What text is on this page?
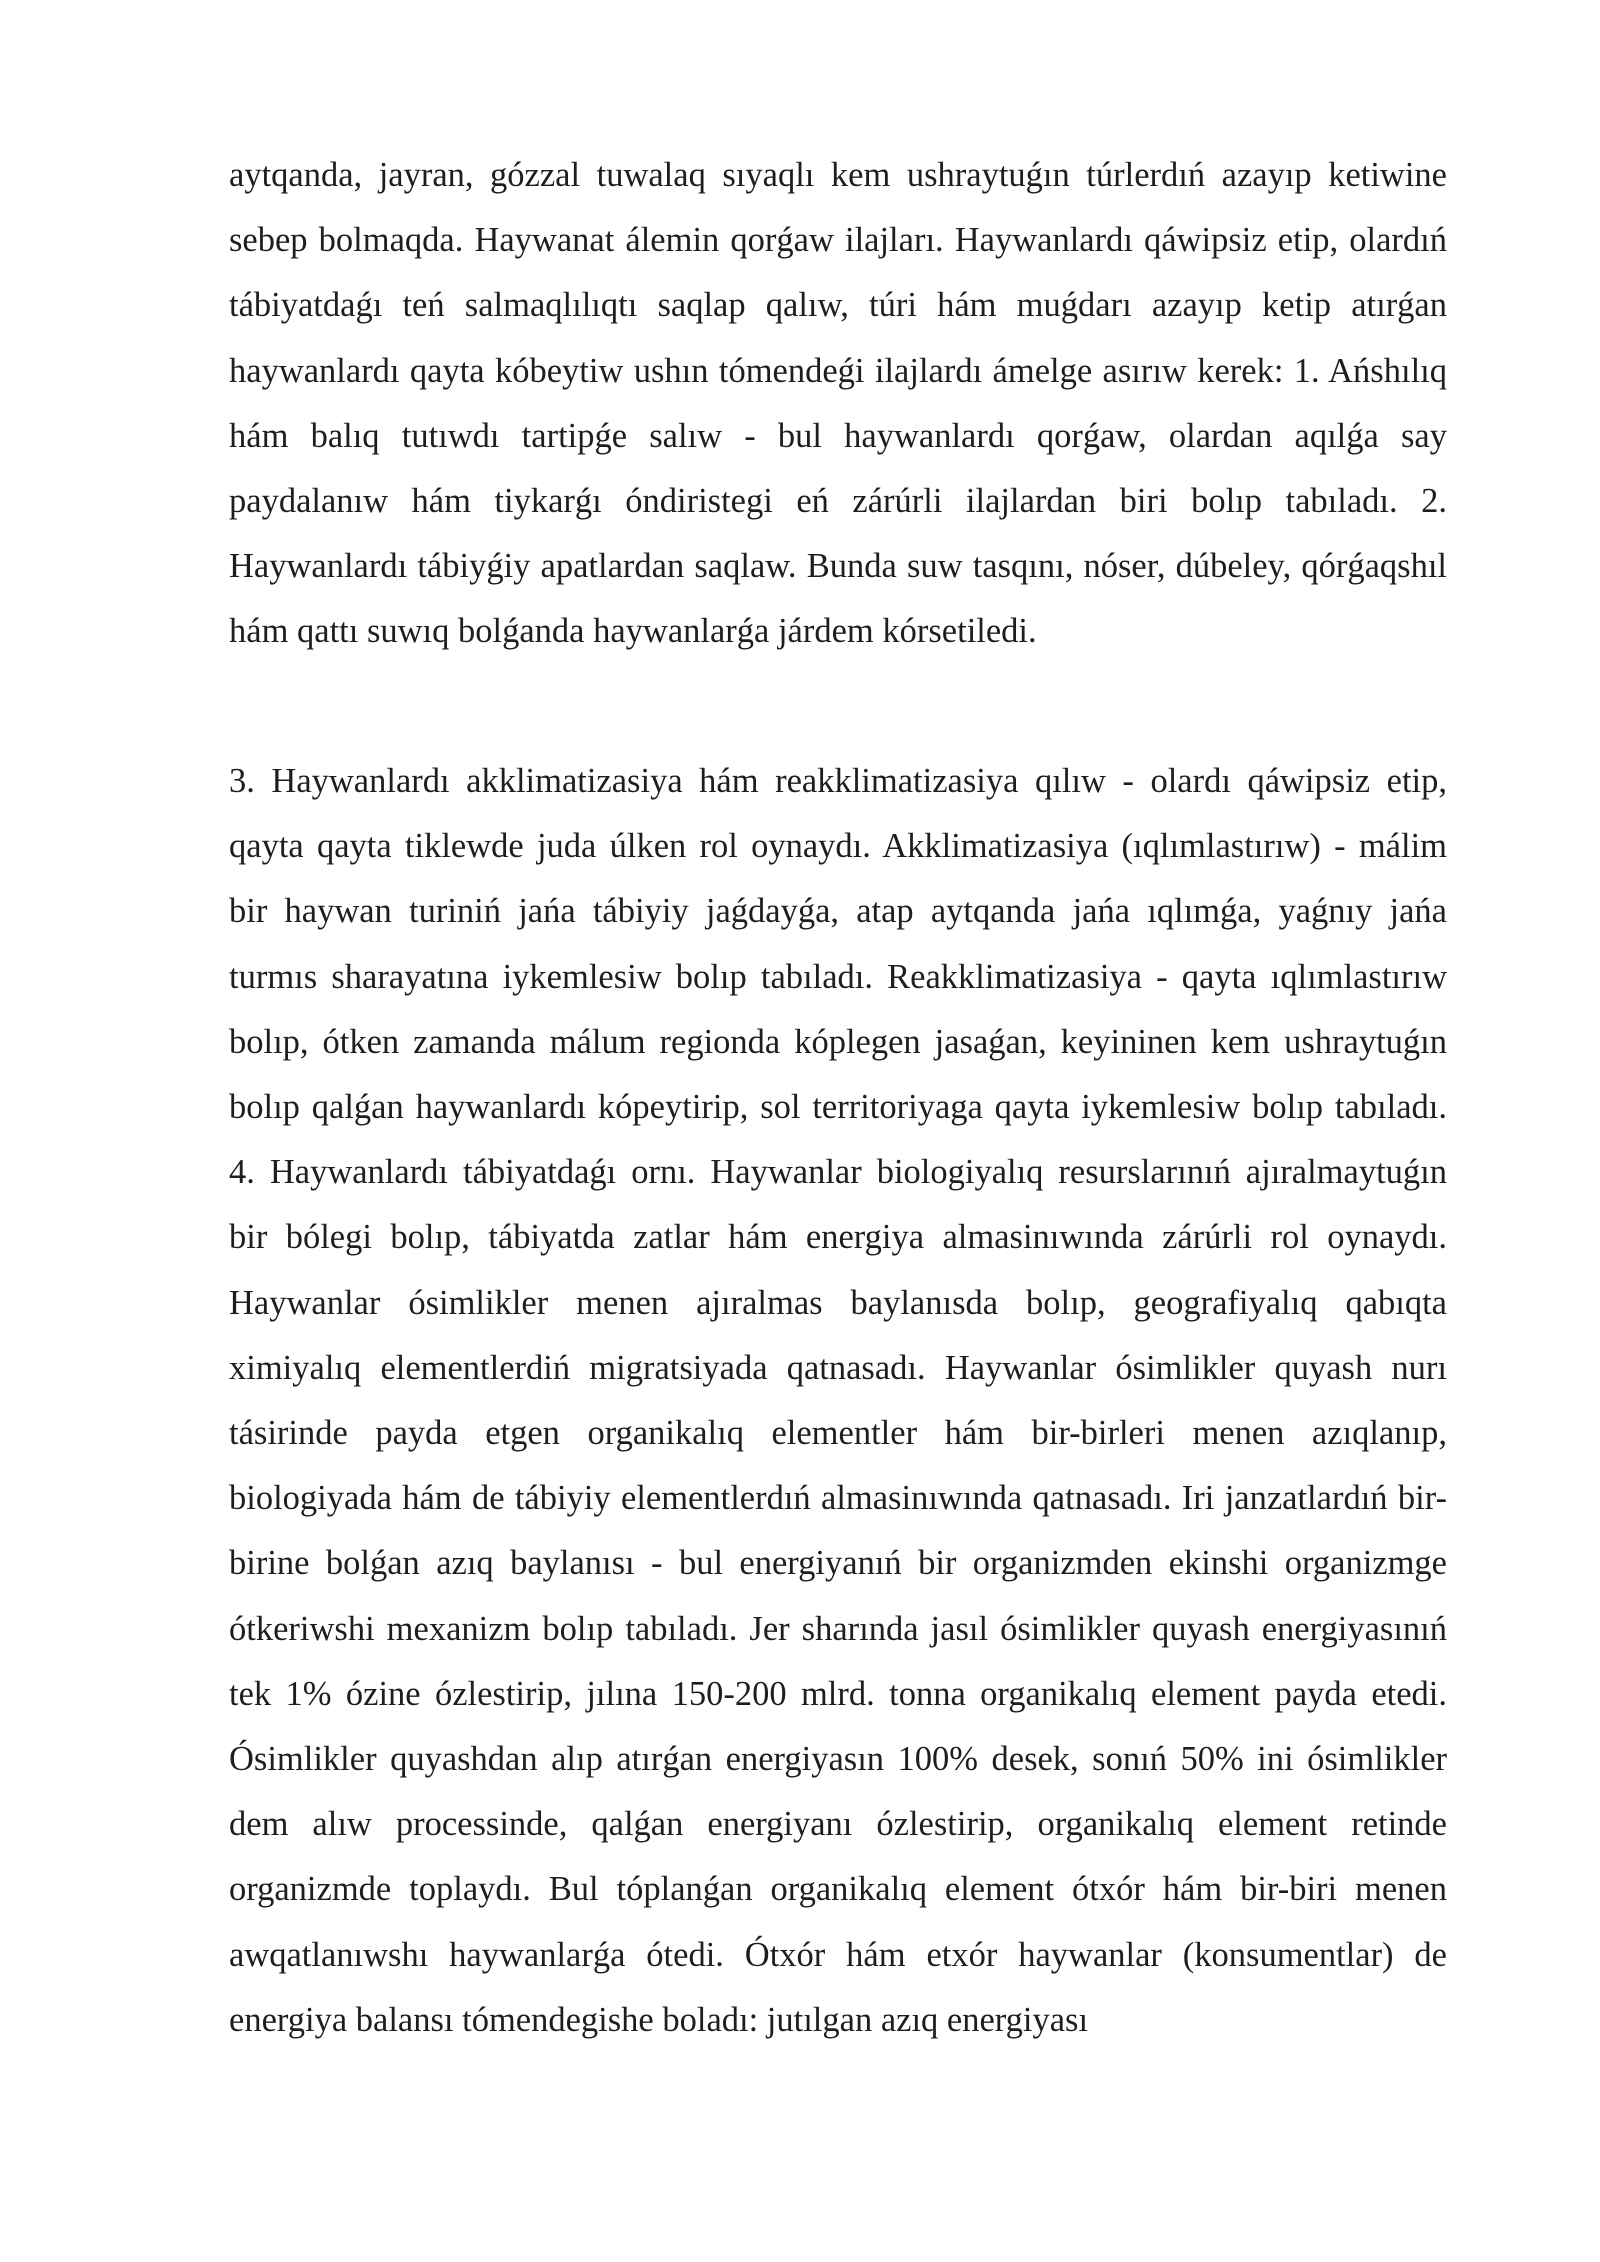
aytqanda, jayran, gózzal tuwalaq sıyaqlı kem ushraytuǵın túrlerdıń azayıp ketiwine sebep bolmaqda. Haywanat álemin qorǵaw ilajları. Haywanlardı qáwipsiz etip, olardıń tábiyatdaǵı teń salmaqlılıqtı saqlap qalıw, túri hám muǵdarı azayıp ketip atırǵan haywanlardı qayta kóbeytiw ushın tómendeǵi ilajlardı ámelge asırıw kerek: 1. Ańshılıq hám balıq tutıwdı tartipǵe salıw - bul haywanlardı qorǵaw, olardan aqılǵa say paydalanıw hám tiykarǵı óndiristegi eń zárúrli ilajlardan biri bolıp tabıladı. 2. Haywanlardı tábiyǵiy apatlardan saqlaw. Bunda suw tasqını, nóser, dúbeley, qórǵaqshıl hám qattı suwıq bolǵanda haywanlarǵa járdem kórsetiledi.

3. Haywanlardı akklimatizasiya hám reakklimatizasiya qılıw - olardı qáwipsiz etip, qayta qayta tiklewde juda úlken rol oynaydı. Akklimatizasiya (ıqlımlastırıw) - málim bir haywan turiniń jańa tábiyiy jaǵdayǵa, atap aytqanda jańa ıqlımǵa, yaǵnıy jańa turmıs sharayatına iykemlesiw bolıp tabıladı. Reakklimatizasiya - qayta ıqlımlastırıw bolıp, ótken zamanda málum regionda kóplegen jasaǵan, keyininen kem ushraytuǵın bolıp qalǵan haywanlardı kópeytirip, sol territoriyaga qayta iykemlesiw bolıp tabıladı. 4. Haywanlardı tábiyatdaǵı ornı. Haywanlar biologiyalıq resurslarınıń ajıralmaytuǵın bir bólegi bolıp, tábiyatda zatlar hám energiya almasinıwında zárúrli rol oynaydı. Haywanlar ósimlikler menen ajıralmas baylanısda bolıp, geografiyalıq qabıqta ximiyalıq elementlerdiń migratsiyada qatnasadı. Haywanlar ósimlikler quyash nurı tásirinde payda etgen organikalıq elementler hám bir-birleri menen azıqlanıp, biologiyada hám de tábiyiy elementlerdıń almasinıwında qatnasadı. Iri janzatlardıń bir-birine bolǵan azıq baylanısı - bul energiyanıń bir organizmden ekinshi organizmge ótkeriwshi mexanizm bolıp tabıladı. Jer sharında jasıl ósimlikler quyash energiyasınıń tek 1% ózine ózlestirip, jılına 150-200 mlrd. tonna organikalıq element payda etedi. Ósimlikler quyashdan alıp atırǵan energiyasın 100% desek, sonıń 50% ini ósimlikler dem alıw processinde, qalǵan energiyanı ózlestirip, organikalıq element retinde organizmde toplaydı. Bul tóplanǵan organikalıq element ótxór hám bir-biri menen awqatlanıwshı haywanlarǵa ótedi. Ótxór hám etxór haywanlar (konsumentlar) de energiya balansı tómendegishe boladı: jutılgan azıq energiyası
